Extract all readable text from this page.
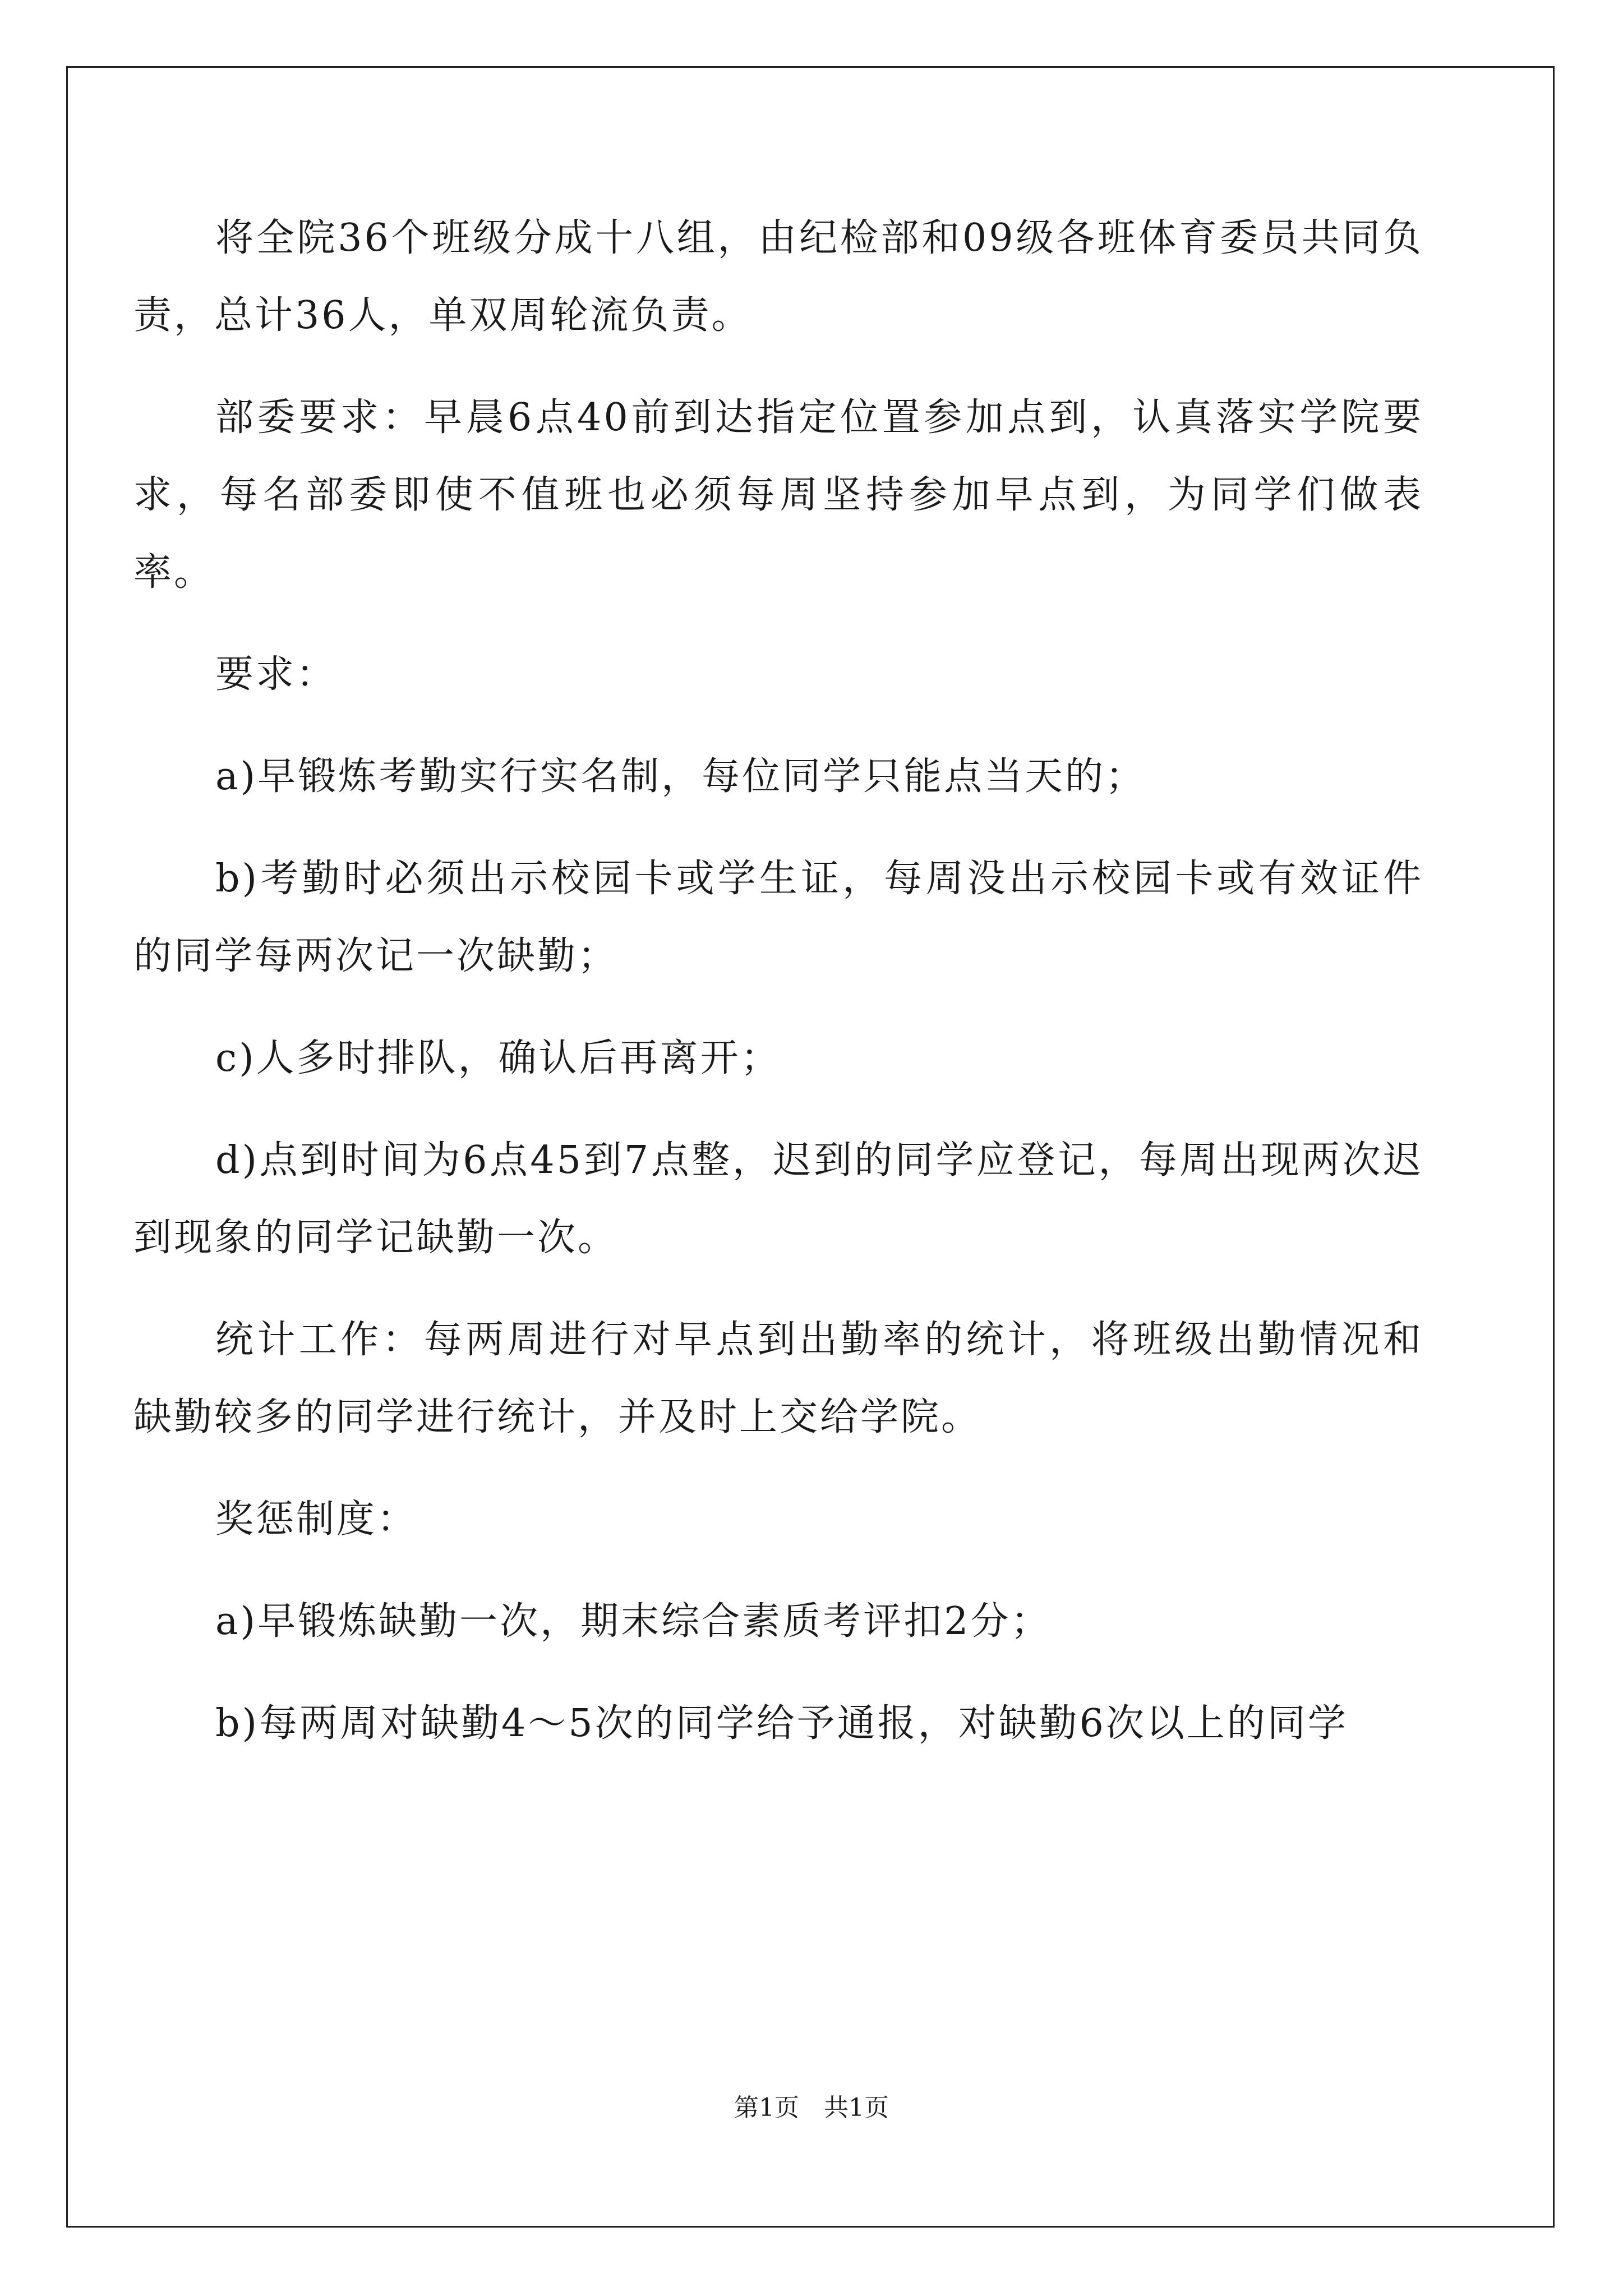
将全院36个班级分成十八组，由纪检部和09级各班体育委员共同负责，总计36人，单双周轮流负责。

部委要求：早晨6点40前到达指定位置参加点到，认真落实学院要求，每名部委即使不值班也必须每周坚持参加早点到，为同学们做表率。

要求：

a)早锻炼考勤实行实名制，每位同学只能点当天的；

b)考勤时必须出示校园卡或学生证，每周没出示校园卡或有效证件的同学每两次记一次缺勤；

c)人多时排队，确认后再离开；

d)点到时间为6点45到7点整，迟到的同学应登记，每周出现两次迟到现象的同学记缺勤一次。

统计工作：每两周进行对早点到出勤率的统计，将班级出勤情况和缺勤较多的同学进行统计，并及时上交给学院。

奖惩制度：

a)早锻炼缺勤一次，期末综合素质考评扣2分；

b)每两周对缺勤4～5次的同学给予通报，对缺勤6次以上的同学

第1页 共1页
